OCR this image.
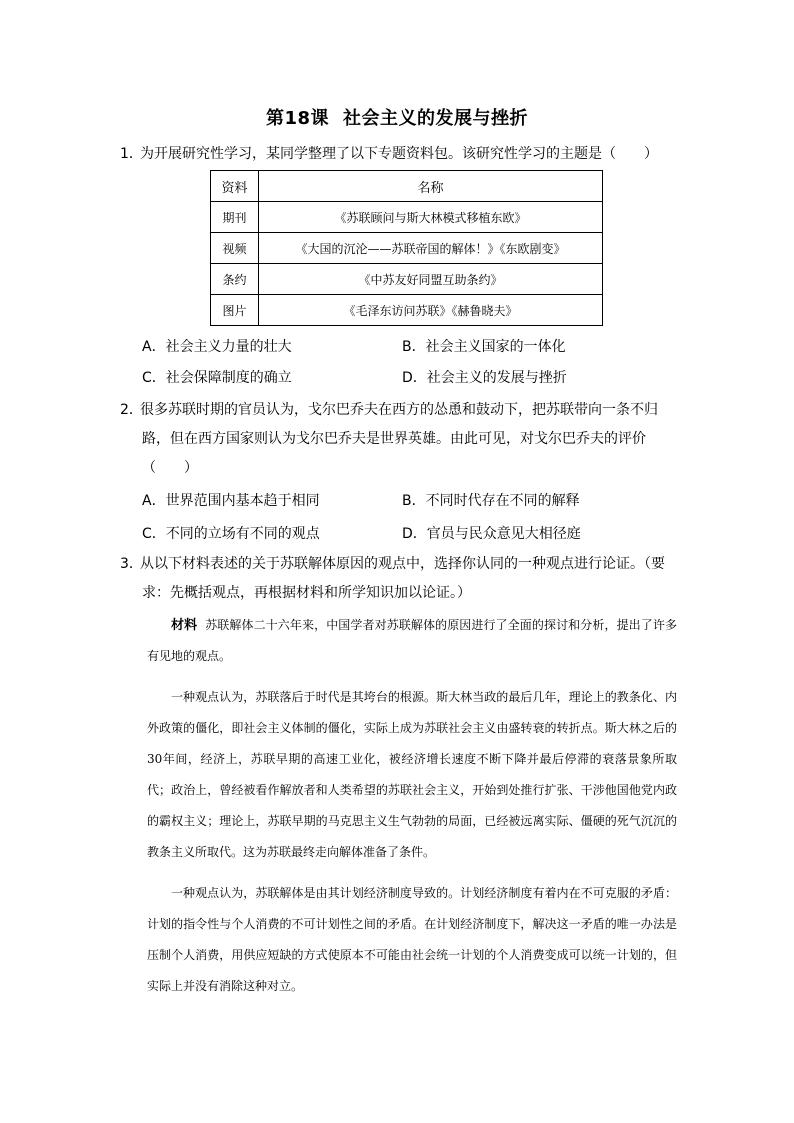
第18课 社会主义的发展与挫折
1．为开展研究性学习，某同学整理了以下专题资料包。该研究性学习的主题是（　　）
资料	名称
期刊	《苏联顾问与斯大林模式移植东欧》
视频	《大国的沉沦——苏联帝国的解体！》《东欧剧变》
条约	《中苏友好同盟互助条约》
图片	《毛泽东访问苏联》《赫鲁晓夫》
A．社会主义力量的壮大	B．社会主义国家的一体化
C．社会保障制度的确立	D．社会主义的发展与挫折
2．很多苏联时期的官员认为，戈尔巴乔夫在西方的怂恿和鼓动下，把苏联带向一条不归
路，但在西方国家则认为戈尔巴乔夫是世界英雄。由此可见，对戈尔巴乔夫的评价
（　　）
A．世界范围内基本趋于相同	B．不同时代存在不同的解释
C．不同的立场有不同的观点	D．官员与民众意见大相径庭
3．从以下材料表述的关于苏联解体原因的观点中，选择你认同的一种观点进行论证。（要
求：先概括观点，再根据材料和所学知识加以论证。）

材料 苏联解体二十六年来，中国学者对苏联解体的原因进行了全面的探讨和分析，提出了许多有见地的观点。

一种观点认为，苏联落后于时代是其垮台的根源。斯大林当政的最后几年，理论上的教条化、内外政策的僵化，即社会主义体制的僵化，实际上成为苏联社会主义由盛转衰的转折点。斯大林之后的30年间，经济上，苏联早期的高速工业化，被经济增长速度不断下降并最后停滞的衰落景象所取代；政治上，曾经被看作解放者和人类希望的苏联社会主义，开始到处推行扩张、干涉他国他党内政的霸权主义；理论上，苏联早期的马克思主义生气勃勃的局面，已经被远离实际、僵硬的死气沉沉的教条主义所取代。这为苏联最终走向解体准备了条件。

一种观点认为，苏联解体是由其计划经济制度导致的。计划经济制度有着内在不可克服的矛盾：计划的指令性与个人消费的不可计划性之间的矛盾。在计划经济制度下，解决这一矛盾的唯一办法是压制个人消费，用供应短缺的方式使原本不可能由社会统一计划的个人消费变成可以统一计划的，但实际上并没有消除这种对立。
